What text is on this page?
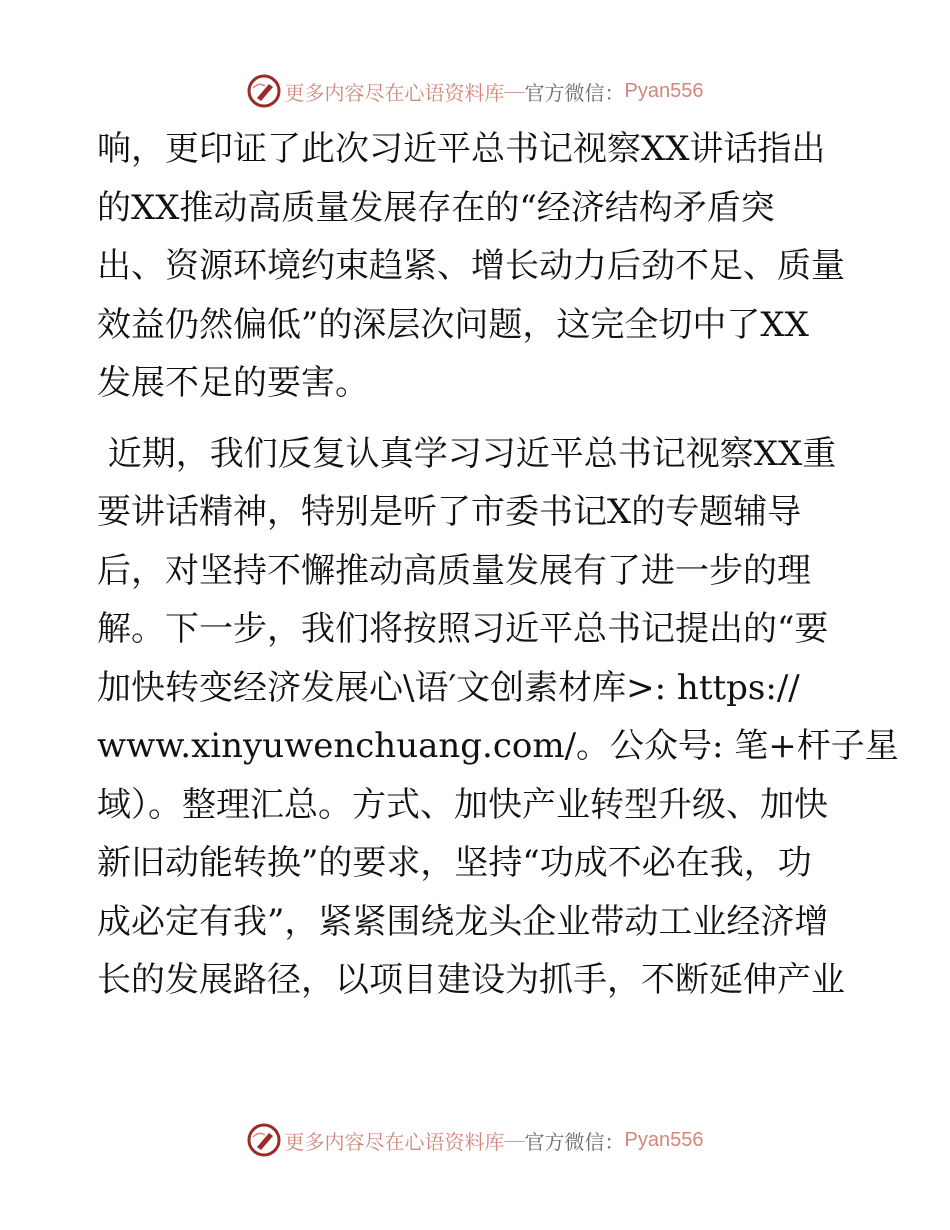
更多内容尽在心语资料库 — 官方微信： Pyan556
响，更印证了此次习近平总书记视察XX讲话指出
的XX推动高质量发展存在的“经济结构矛盾突
出、资源环境约束趋紧、增长动力后劲不足、质量
效益仍然偏低”的深层次问题，这完全切中了XX
发展不足的要害。
近期，我们反复认真学习习近平总书记视察XX重
要讲话精神，特别是听了市委书记X的专题辅导
后，对坚持不懈推动高质量发展有了进一步的理
解。下一步，我们将按照习近平总书记提出的“要
加快转变经济发展心\语′文创素材库>: https://
www.xinyuwenchuang.com/。公众号: 笔+杆子星
域）。整理汇总。方式、加快产业转型升级、加快
新旧动能转换”的要求，坚持“功成不必在我，功
成必定有我”，紧紧围绕龙头企业带动工业经济增
长的发展路径，以项目建设为抓手，不断延伸产业
更多内容尽在心语资料库 — 官方微信： Pyan556
